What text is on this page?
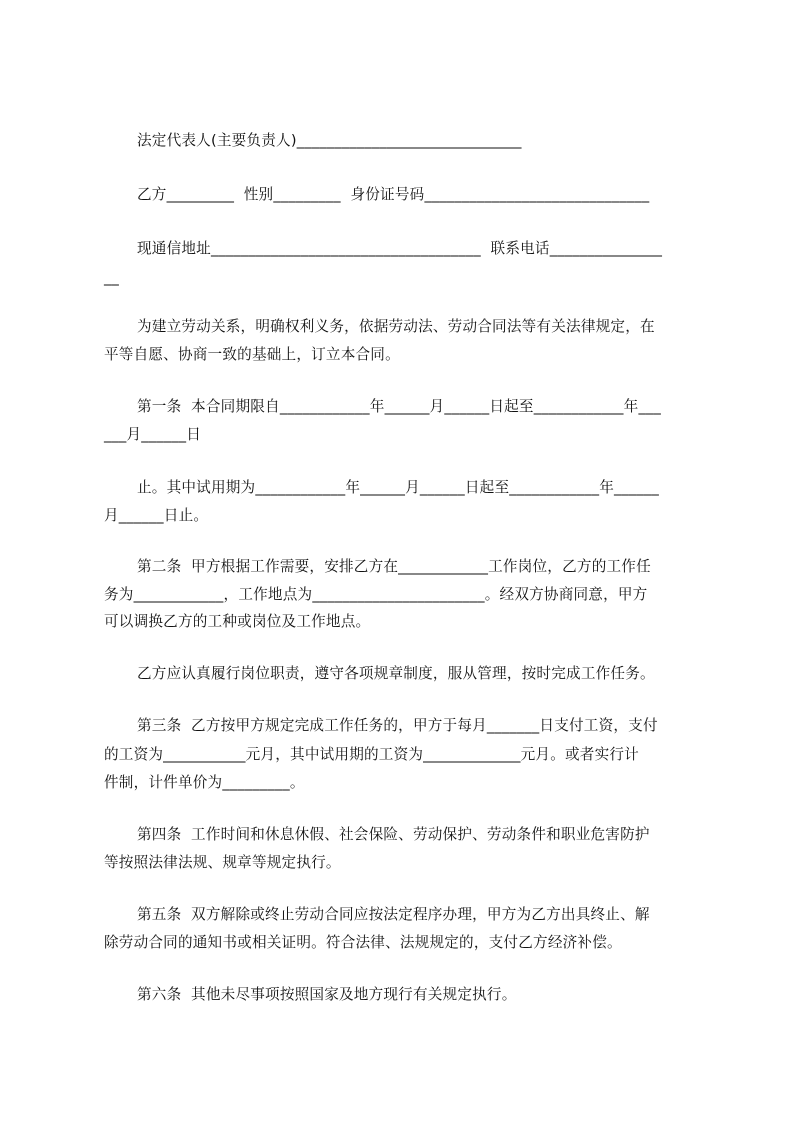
法定代表人(主要负责人)______________________________
乙方_________  性别_________  身份证号码______________________________
现通信地址____________________________________  联系电话_______________
__
为建立劳动关系，明确权利义务，依据劳动法、劳动合同法等有关法律规定，在
平等自愿、协商一致的基础上，订立本合同。
第一条  本合同期限自____________年______月______日起至____________年___
___月______日
止。其中试用期为____________年______月______日起至____________年______
月______日止。
第二条  甲方根据工作需要，安排乙方在____________工作岗位，乙方的工作任
务为____________，工作地点为_______________________。经双方协商同意，甲方
可以调换乙方的工种或岗位及工作地点。
乙方应认真履行岗位职责，遵守各项规章制度，服从管理，按时完成工作任务。
第三条  乙方按甲方规定完成工作任务的，甲方于每月_______日支付工资，支付
的工资为___________元月，其中试用期的工资为_____________元月。或者实行计
件制，计件单价为_________。
第四条  工作时间和休息休假、社会保险、劳动保护、劳动条件和职业危害防护
等按照法律法规、规章等规定执行。
第五条  双方解除或终止劳动合同应按法定程序办理，甲方为乙方出具终止、解
除劳动合同的通知书或相关证明。符合法律、法规规定的，支付乙方经济补偿。
第六条  其他未尽事项按照国家及地方现行有关规定执行。
